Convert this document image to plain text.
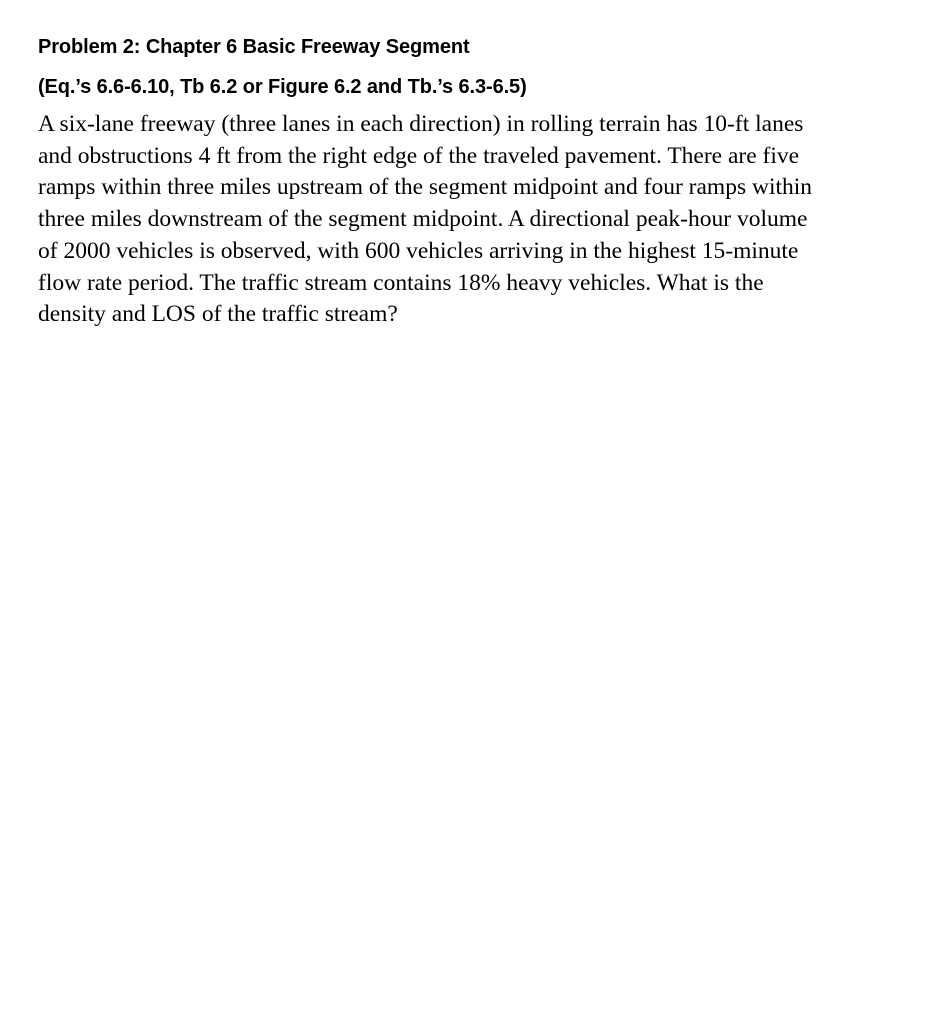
Problem 2: Chapter 6 Basic Freeway Segment
(Eq.’s 6.6-6.10, Tb 6.2 or Figure 6.2 and Tb.’s 6.3-6.5)
A six-lane freeway (three lanes in each direction) in rolling terrain has 10-ft lanes
and obstructions 4 ft from the right edge of the traveled pavement. There are five
ramps within three miles upstream of the segment midpoint and four ramps within
three miles downstream of the segment midpoint. A directional peak-hour volume
of 2000 vehicles is observed, with 600 vehicles arriving in the highest 15-minute
flow rate period. The traffic stream contains 18% heavy vehicles. What is the
density and LOS of the traffic stream?
